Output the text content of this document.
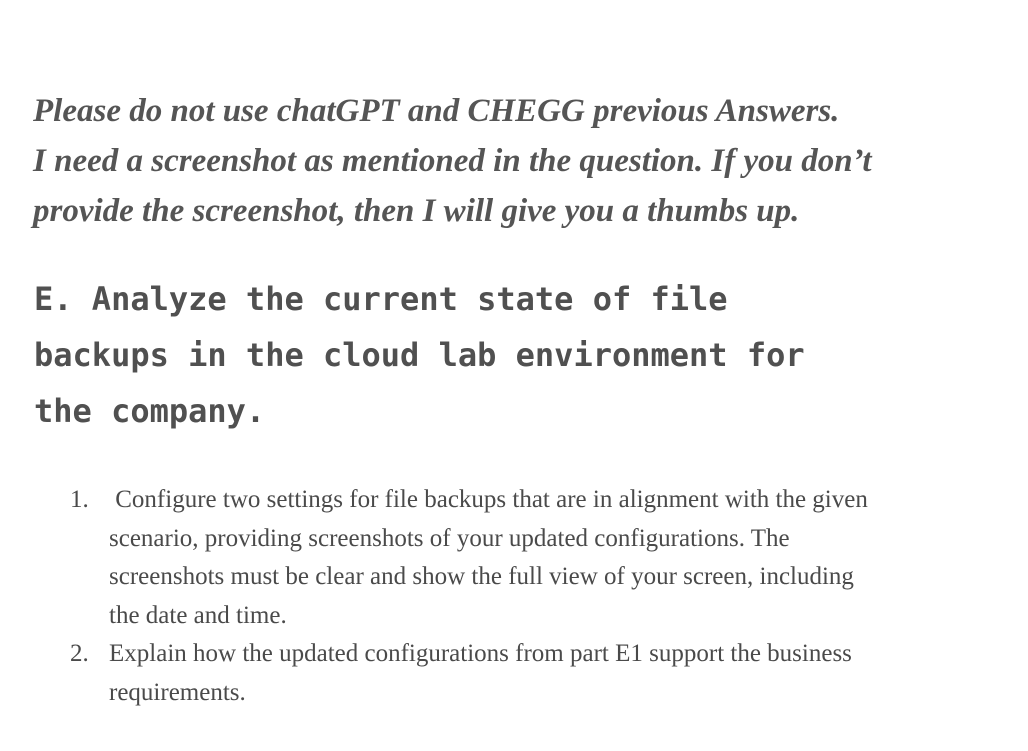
Please do not use chatGPT and CHEGG previous Answers.
I need a screenshot as mentioned in the question. If you don’t
provide the screenshot, then I will give you a thumbs up.

E. Analyze the current state of file
backups in the cloud lab environment for
the company.
1. Configure two settings for file backups that are in alignment with the given
scenario, providing screenshots of your updated configurations. The
screenshots must be clear and show the full view of your screen, including
the date and time.
2. Explain how the updated configurations from part E1 support the business
requirements.
